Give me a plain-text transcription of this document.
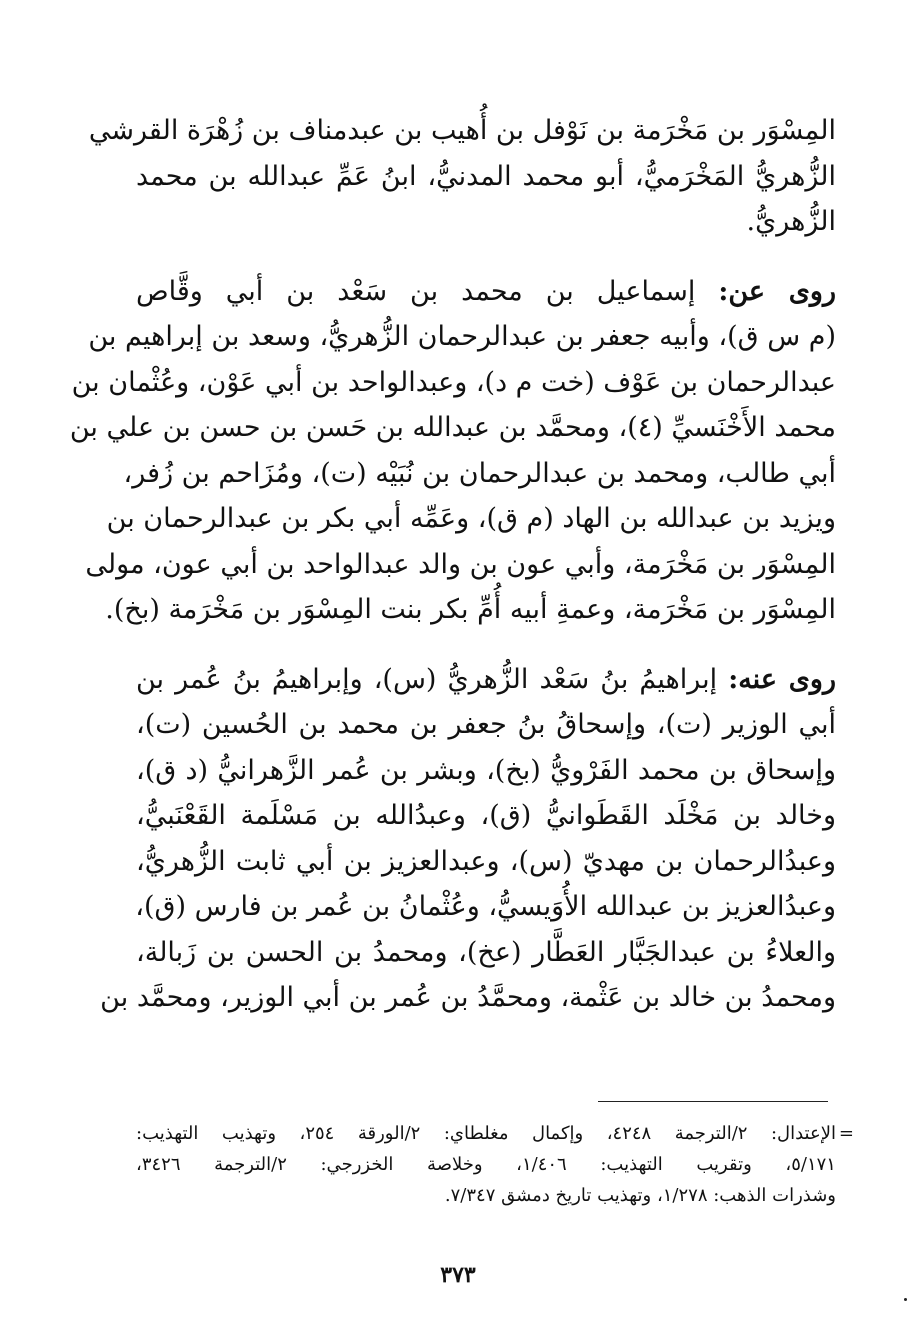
المِسْوَر بن مَخْرَمة بن نَوْفل بن أُهيب بن عبدمناف بن زُهْرَة القرشي
الزُّهريُّ المَخْرَميُّ، أبو محمد المدنيُّ، ابنُ عَمِّ عبدالله بن محمد
الزُّهريُّ.

روى عن: إسماعيل بن محمد بن سَعْد بن أبي وقَّاص
(م س ق)، وأبيه جعفر بن عبدالرحمان الزُّهريُّ، وسعد بن إبراهيم بن
عبدالرحمان بن عَوْف (خت م د)، وعبدالواحد بن أبي عَوْن، وعُثْمان بن
محمد الأَخْنَسيِّ (٤)، ومحمَّد بن عبدالله بن حَسن بن حسن بن علي بن
أبي طالب، ومحمد بن عبدالرحمان بن نُبَيْه (ت)، ومُزَاحم بن زُفر،
ويزيد بن عبدالله بن الهاد (م ق)، وعَمِّه أبي بكر بن عبدالرحمان بن
المِسْوَر بن مَخْرَمة، وأبي عون بن والد عبدالواحد بن أبي عون، مولى
المِسْوَر بن مَخْرَمة، وعمةِ أبيه أُمِّ بكر بنت المِسْوَر بن مَخْرَمة (بخ).

روى عنه: إبراهيمُ بنُ سَعْد الزُّهريُّ (س)، وإبراهيمُ بنُ عُمر بن
أبي الوزير (ت)، وإسحاقُ بنُ جعفر بن محمد بن الحُسين (ت)،
وإسحاق بن محمد الفَرْويُّ (بخ)، وبشر بن عُمر الزَّهرانيُّ (د ق)،
وخالد بن مَخْلَد القَطَوانيُّ (ق)، وعبدُالله بن مَسْلَمة القَعْنَبيُّ،
وعبدُالرحمان بن مهديّ (س)، وعبدالعزيز بن أبي ثابت الزُّهريُّ،
وعبدُالعزيز بن عبدالله الأُوَيسيُّ، وعُثْمانُ بن عُمر بن فارس (ق)،
والعلاءُ بن عبدالجَبَّار العَطَّار (عخ)، ومحمدُ بن الحسن بن زَبالة،
ومحمدُ بن خالد بن عَثْمة، ومحمَّدُ بن عُمر بن أبي الوزير، ومحمَّد بن

=
الإعتدال: ٢/الترجمة ٤٢٤٨، وإكمال مغلطاي: ٢/الورقة ٢٥٤، وتهذيب التهذيب:
٥/١٧١، وتقريب التهذيب: ١/٤٠٦، وخلاصة الخزرجي: ٢/الترجمة ٣٤٢٦،
وشذرات الذهب: ١/٢٧٨، وتهذيب تاريخ دمشق ٧/٣٤٧.
٣٧٣
